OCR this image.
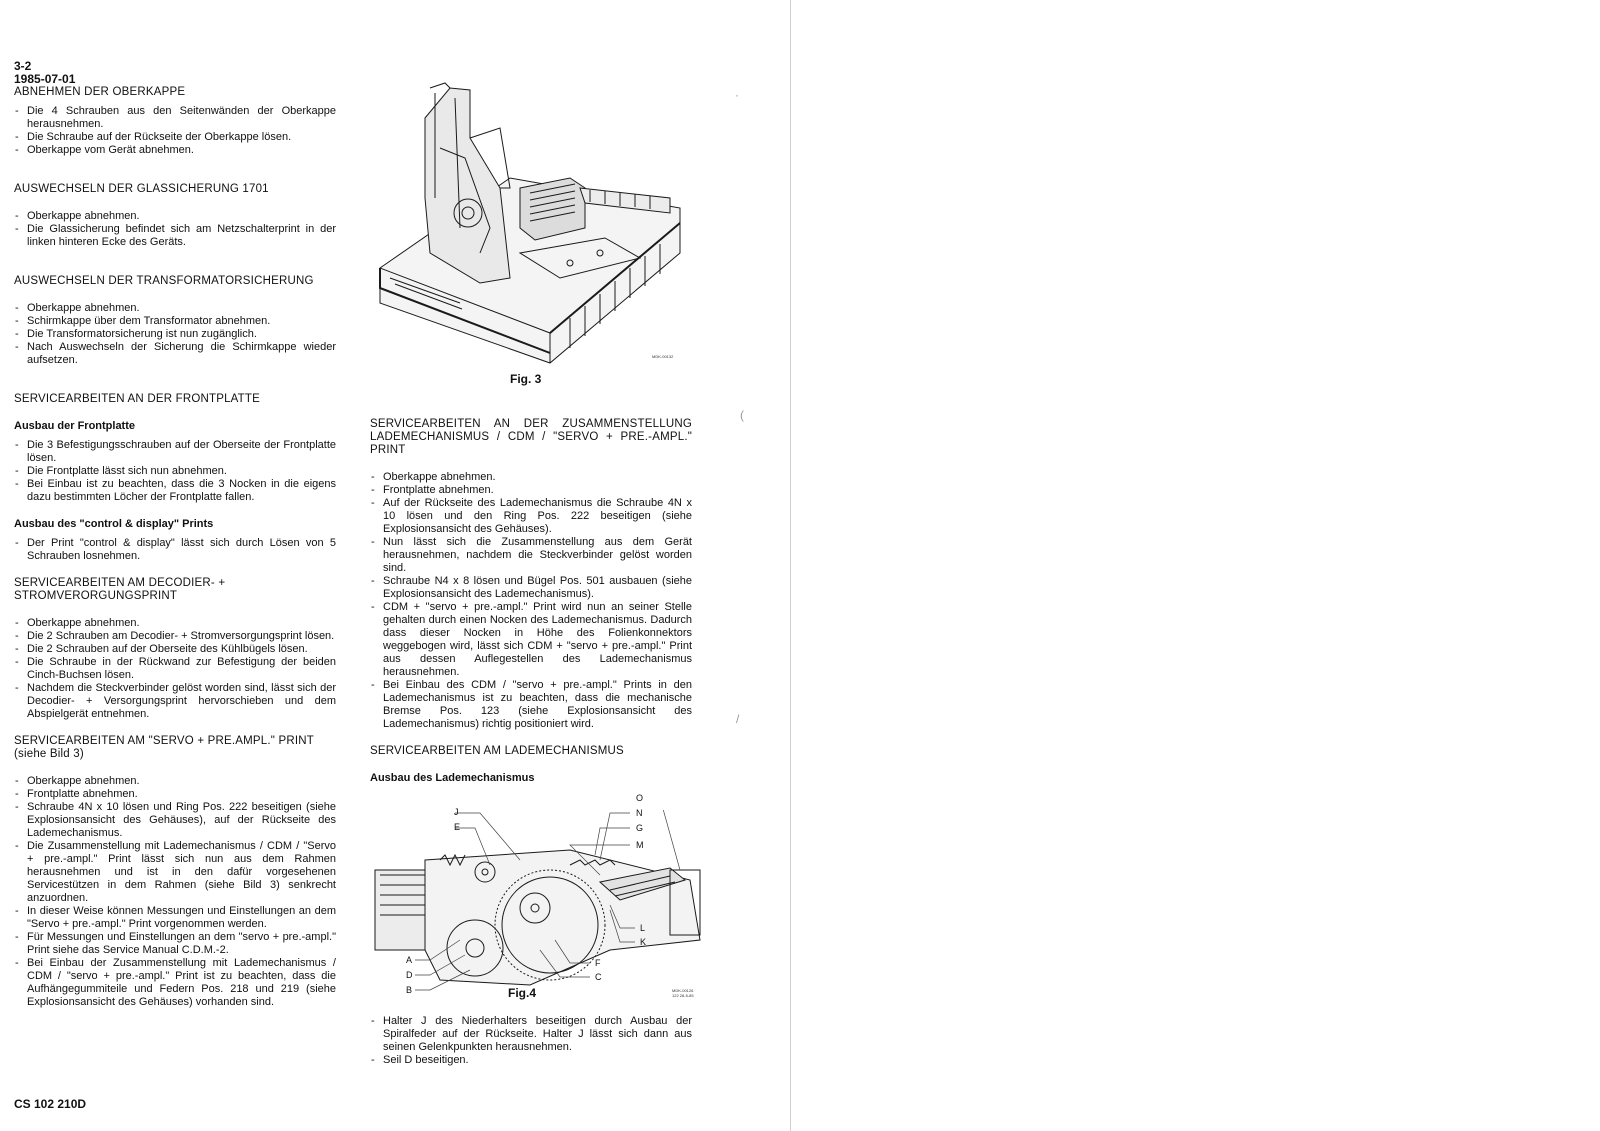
·
(
/
3-2
1985-07-01
ABNEHMEN DER OBERKAPPE
- Die 4 Schrauben aus den Seitenwänden der Oberkappe herausnehmen.
- Die Schraube auf der Rückseite der Oberkappe lösen.
- Oberkappe vom Gerät abnehmen.
AUSWECHSELN DER GLASSICHERUNG 1701
- Oberkappe abnehmen.
- Die Glassicherung befindet sich am Netzschalterprint in der linken hinteren Ecke des Geräts.
AUSWECHSELN DER TRANSFORMATORSICHERUNG
- Oberkappe abnehmen.
- Schirmkappe über dem Transformator abnehmen.
- Die Transformatorsicherung ist nun zugänglich.
- Nach Auswechseln der Sicherung die Schirmkappe wieder aufsetzen.
SERVICEARBEITEN AN DER FRONTPLATTE
Ausbau der Frontplatte
- Die 3 Befestigungsschrauben auf der Oberseite der Frontplatte lösen.
- Die Frontplatte lässt sich nun abnehmen.
- Bei Einbau ist zu beachten, dass die 3 Nocken in die eigens dazu bestimmten Löcher der Frontplatte fallen.
Ausbau des "control & display" Prints
- Der Print "control & display" lässt sich durch Lösen von 5 Schrauben losnehmen.
SERVICEARBEITEN AM DECODIER- + STROMVERORGUNGSPRINT
- Oberkappe abnehmen.
- Die 2 Schrauben am Decodier- + Stromversorgungsprint lösen.
- Die 2 Schrauben auf der Oberseite des Kühlbügels lösen.
- Die Schraube in der Rückwand zur Befestigung der beiden Cinch-Buchsen lösen.
- Nachdem die Steckverbinder gelöst worden sind, lässt sich der Decodier- + Versorgungsprint hervorschieben und dem Abspielgerät entnehmen.
SERVICEARBEITEN AM "SERVO + PRE.AMPL." PRINT (siehe Bild 3)
- Oberkappe abnehmen.
- Frontplatte abnehmen.
- Schraube 4N x 10 lösen und Ring Pos. 222 beseitigen (siehe Explosionsansicht des Gehäuses), auf der Rückseite des Lademechanismus.
- Die Zusammenstellung mit Lademechanismus / CDM / "Servo + pre.-ampl." Print lässt sich nun aus dem Rahmen herausnehmen und ist in den dafür vorgesehenen Servicestützen in dem Rahmen (siehe Bild 3) senkrecht anzuordnen.
- In dieser Weise können Messungen und Einstellungen an dem "Servo + pre.-ampl." Print vorgenommen werden.
- Für Messungen und Einstellungen an dem "servo + pre.-ampl." Print siehe das Service Manual C.D.M.-2.
- Bei Einbau der Zusammenstellung mit Lademechanismus / CDM / "servo + pre.-ampl." Print ist zu beachten, dass die Aufhängegummiteile und Federn Pos. 218 und 219 (siehe Explosionsansicht des Gehäuses) vorhanden sind.
MDK-00132
Fig. 3
SERVICEARBEITEN AN DER ZUSAMMENSTELLUNG LADEMECHANISMUS / CDM / "SERVO + PRE.-AMPL." PRINT
- Oberkappe abnehmen.
- Frontplatte abnehmen.
- Auf der Rückseite des Lademechanismus die Schraube 4N x 10 lösen und den Ring Pos. 222 beseitigen (siehe Explosionsansicht des Gehäuses).
- Nun lässt sich die Zusammenstellung aus dem Gerät herausnehmen, nachdem die Steckverbinder gelöst worden sind.
- Schraube N4 x 8 lösen und Bügel Pos. 501 ausbauen (siehe Explosionsansicht des Lademechanismus).
- CDM + "servo + pre.-ampl." Print wird nun an seiner Stelle gehalten durch einen Nocken des Lademechanismus. Dadurch dass dieser Nocken in Höhe des Folienkonnektors weggebogen wird, lässt sich CDM + "servo + pre.-ampl." Print aus dessen Auflegestellen des Lademechanismus herausnehmen.
- Bei Einbau des CDM / "servo + pre.-ampl." Prints in den Lademechanismus ist zu beachten, dass die mechanische Bremse Pos. 123 (siehe Explosionsansicht des Lademechanismus) richtig positioniert wird.
SERVICEARBEITEN AM LADEMECHANISMUS
Ausbau des Lademechanismus
O
N
G
M
L
K
F
C
J
E
A
D
B	Fig.4	MDK-00126
122 28-5-85
- Halter J des Niederhalters beseitigen durch Ausbau der Spiralfeder auf der Rückseite. Halter J lässt sich dann aus seinen Gelenkpunkten herausnehmen.
- Seil D beseitigen.
CS 102 210D
